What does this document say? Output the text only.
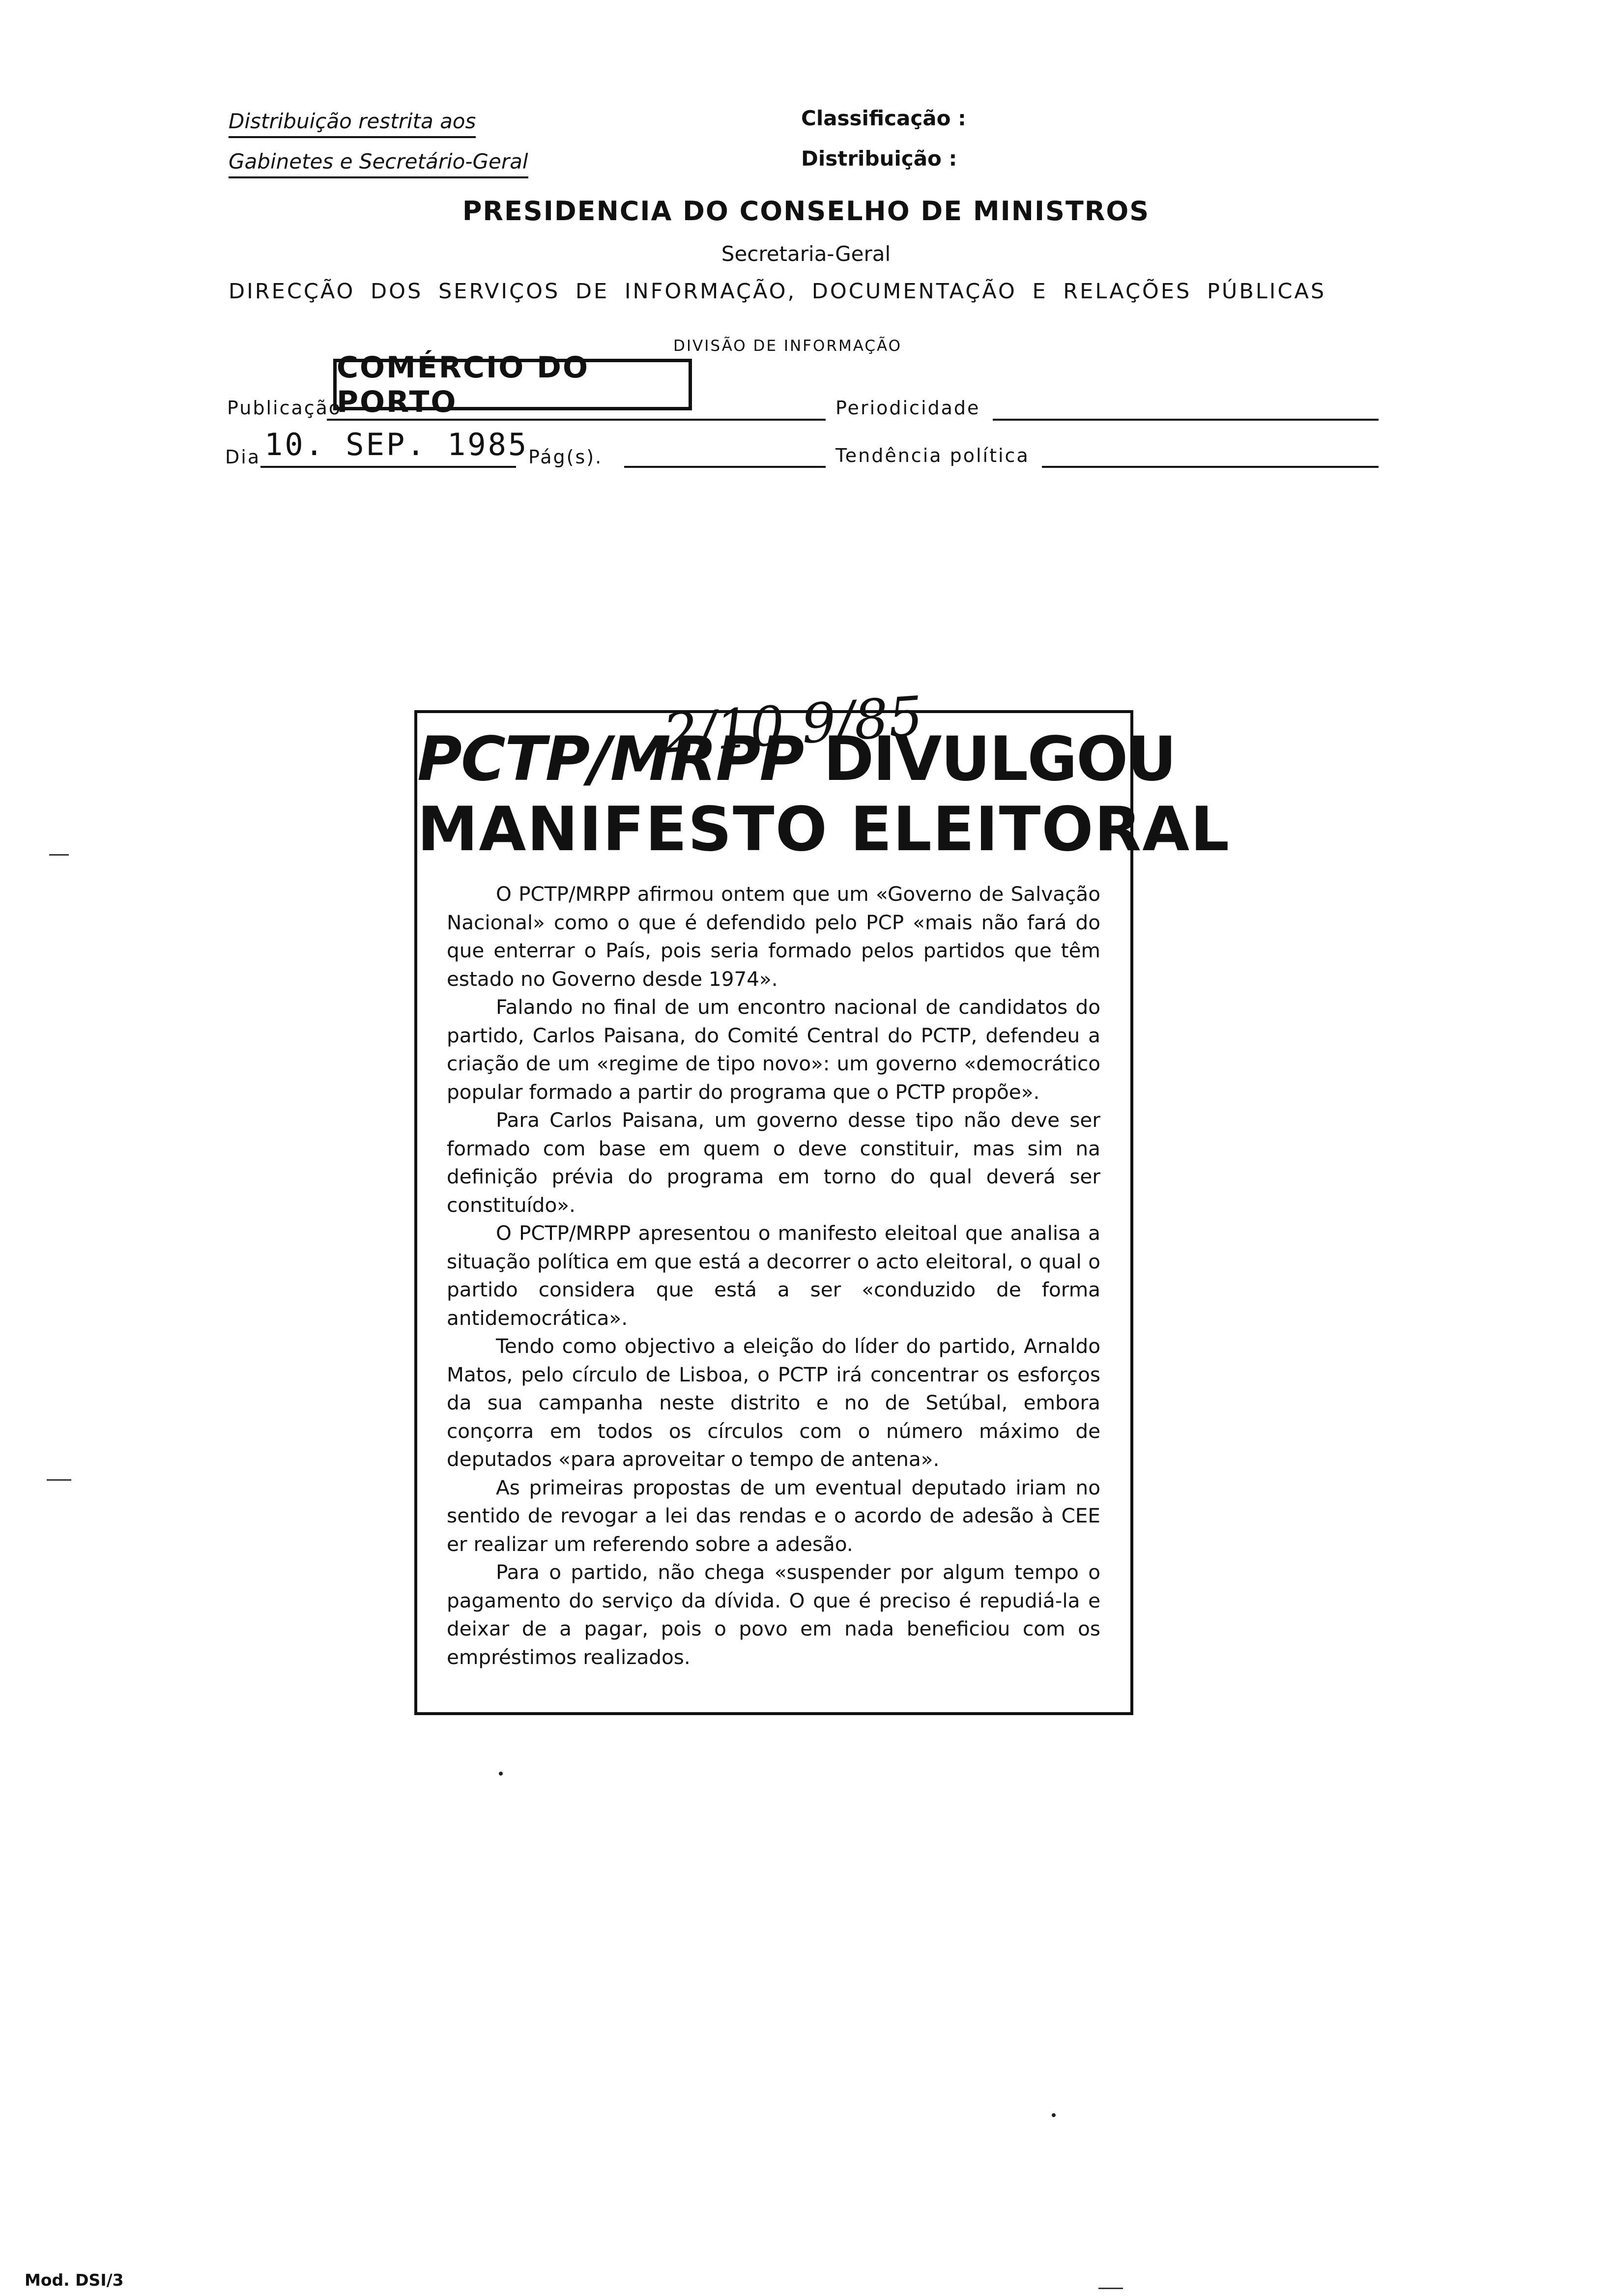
Distribuição restrita aos
Gabinetes e Secretário-Geral
Classificação :
Distribuição :
PRESIDENCIA DO CONSELHO DE MINISTROS
Secretaria-Geral
DIRECÇÃO DOS SERVIÇOS DE INFORMAÇÃO, DOCUMENTAÇÃO E RELAÇÕES PÚBLICAS
DIVISÃO DE INFORMAÇÃO
Publicação
COMÉRCIO DO PORTO	Periodicidade
Dia 10. SEP. 1985 Pág(s).	Tendência política
2/10.9/85
PCTP/MRPP DIVULGOU
MANIFESTO ELEITORAL

O PCTP/MRPP afirmou ontem que um «Governo de Salvação Nacional» como o que é defendido pelo PCP «mais não fará do que enterrar o País, pois seria formado pelos partidos que têm estado no Governo desde 1974».

Falando no final de um encontro nacional de candidatos do partido, Carlos Paisana, do Comité Central do PCTP, defendeu a criação de um «regime de tipo novo»: um governo «democrático popular formado a partir do programa que o PCTP propõe».

Para Carlos Paisana, um governo desse tipo não deve ser formado com base em quem o deve constituir, mas sim na definição prévia do programa em torno do qual deverá ser constituído».

O PCTP/MRPP apresentou o manifesto eleitoal que analisa a situação política em que está a decorrer o acto eleitoral, o qual o partido considera que está a ser «conduzido de forma antidemocrática».

Tendo como objectivo a eleição do líder do partido, Arnaldo Matos, pelo círculo de Lisboa, o PCTP irá concentrar os esforços da sua campanha neste distrito e no de Setúbal, embora conçorra em todos os círculos com o número máximo de deputados «para aproveitar o tempo de antena».

As primeiras propostas de um eventual deputado iriam no sentido de revogar a lei das rendas e o acordo de adesão à CEE er realizar um referendo sobre a adesão.

Para o partido, não chega «suspender por algum tempo o pagamento do serviço da dívida. O que é preciso é repudiá-la e deixar de a pagar, pois o povo em nada beneficiou com os empréstimos realizados.

Mod. DSI/3
